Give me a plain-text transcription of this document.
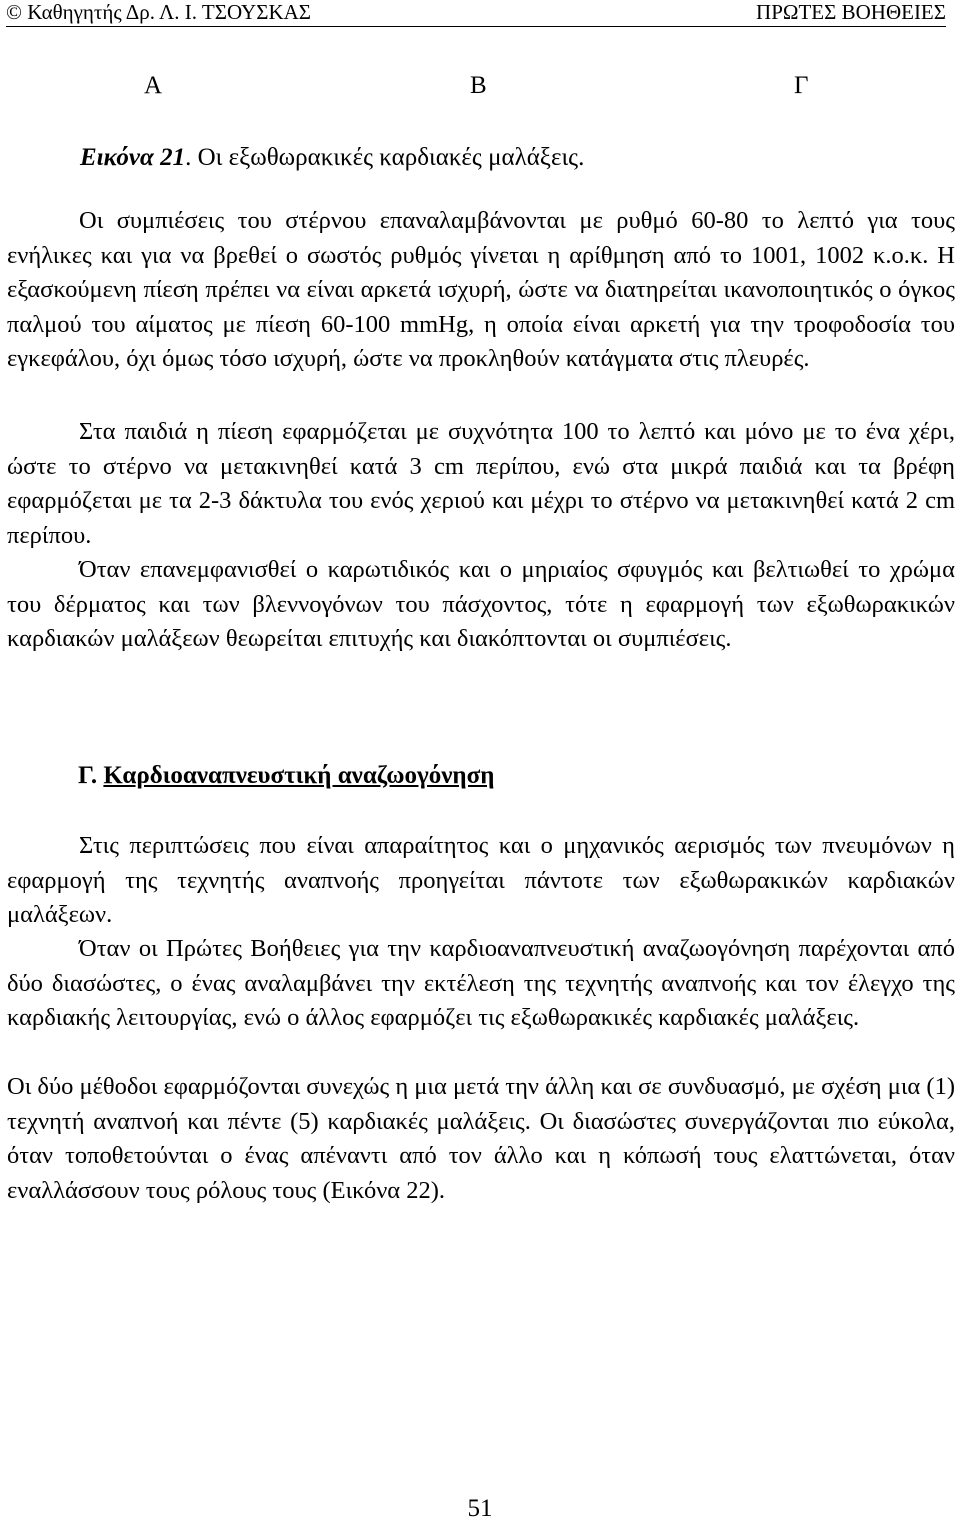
© Καθηγητής Δρ. Λ. Ι. ΤΣΟΥΣΚΑΣ	ΠΡΩΤΕΣ ΒΟΗΘΕΙΕΣ
Α	Β	Γ
Εικόνα 21. Οι εξωθωρακικές καρδιακές μαλάξεις.

Οι συμπιέσεις του στέρνου επαναλαμβάνονται με ρυθμό 60-80 το λεπτό για τους ενήλικες και για να βρεθεί ο σωστός ρυθμός γίνεται η αρίθμηση από το 1001, 1002 κ.ο.κ. Η εξασκούμενη πίεση πρέπει να είναι αρκετά ισχυρή, ώστε να διατηρείται ικανοποιητικός ο όγκος παλμού του αίματος με πίεση 60-100 mmHg, η οποία είναι αρκετή για την τροφοδοσία του εγκεφάλου, όχι όμως τόσο ισχυρή, ώστε να προκληθούν κατάγματα στις πλευρές.

Στα παιδιά η πίεση εφαρμόζεται με συχνότητα 100 το λεπτό και μόνο με το ένα χέρι, ώστε το στέρνο να μετακινηθεί κατά 3 cm περίπου, ενώ στα μικρά παιδιά και τα βρέφη εφαρμόζεται με τα 2-3 δάκτυλα του ενός χεριού και μέχρι το στέρνο να μετακινηθεί κατά 2 cm περίπου.

Όταν επανεμφανισθεί ο καρωτιδικός και ο μηριαίος σφυγμός και βελτιωθεί το χρώμα του δέρματος και των βλεννογόνων του πάσχοντος, τότε η εφαρμογή των εξωθωρακικών καρδιακών μαλάξεων θεωρείται επιτυχής και διακόπτονται οι συμπιέσεις.

Γ. Καρδιοαναπνευστική αναζωογόνηση

Στις περιπτώσεις που είναι απαραίτητος και ο μηχανικός αερισμός των πνευμόνων η εφαρμογή της τεχνητής αναπνοής προηγείται πάντοτε των εξωθωρακικών καρδιακών μαλάξεων.

Όταν οι Πρώτες Βοήθειες για την καρδιοαναπνευστική αναζωογόνηση παρέχονται από δύο διασώστες, ο ένας αναλαμβάνει την εκτέλεση της τεχνητής αναπνοής και τον έλεγχο της καρδιακής λειτουργίας, ενώ ο άλλος εφαρμόζει τις εξωθωρακικές καρδιακές μαλάξεις.

Οι δύο μέθοδοι εφαρμόζονται συνεχώς η μια μετά την άλλη και σε συνδυασμό, με σχέση μια (1) τεχνητή αναπνοή και πέντε (5) καρδιακές μαλάξεις. Οι διασώστες συνεργάζονται πιο εύκολα, όταν τοποθετούνται ο ένας απέναντι από τον άλλο και η κόπωσή τους ελαττώνεται, όταν εναλλάσσουν τους ρόλους τους (Εικόνα 22).

51
